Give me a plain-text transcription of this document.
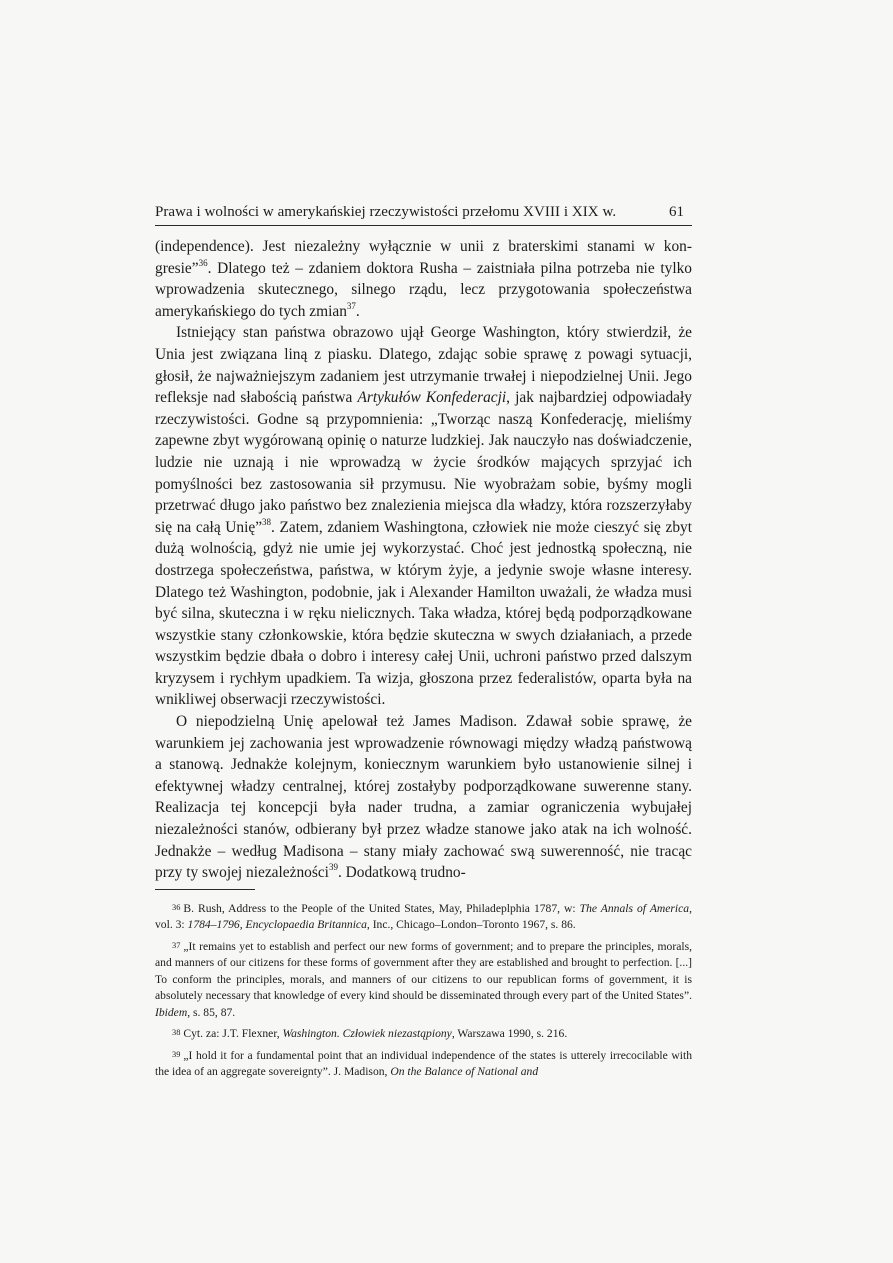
Prawa i wolności w amerykańskiej rzeczywistości przełomu XVIII i XIX w.	61

(independence). Jest niezależny wyłącznie w unii z braterskimi stanami w kongresie”$^{36}$. Dlatego też – zdaniem doktora Rusha – zaistniała pilna potrzeba nie tylko wprowadzenia skutecznego, silnego rządu, lecz przygotowania społeczeństwa amerykańskiego do tych zmian$^{37}$.

Istniejący stan państwa obrazowo ujął George Washington, który stwierdził, że Unia jest związana liną z piasku. Dlatego, zdając sobie sprawę z powagi sytuacji, głosił, że najważniejszym zadaniem jest utrzymanie trwałej i niepodzielnej Unii. Jego refleksje nad słabością państwa Artykułów Konfederacji, jak najbardziej odpowiadały rzeczywistości. Godne są przypomnienia: „Tworząc naszą Konfederację, mieliśmy zapewne zbyt wygórowaną opinię o naturze ludzkiej. Jak nauczyło nas doświadczenie, ludzie nie uznają i nie wprowadzą w życie środków mających sprzyjać ich pomyślności bez zastosowania sił przymusu. Nie wyobrażam sobie, byśmy mogli przetrwać długo jako państwo bez znalezienia miejsca dla władzy, która rozszerzyłaby się na całą Unię”$^{38}$. Zatem, zdaniem Washingtona, człowiek nie może cieszyć się zbyt dużą wolnością, gdyż nie umie jej wykorzystać. Choć jest jednostką społeczną, nie dostrzega społeczeństwa, państwa, w którym żyje, a jedynie swoje własne interesy. Dlatego też Washington, podobnie, jak i Alexander Hamilton uważali, że władza musi być silna, skuteczna i w ręku nielicznych. Taka władza, której będą podporządkowane wszystkie stany członkowskie, która będzie skuteczna w swych działaniach, a przede wszystkim będzie dbała o dobro i interesy całej Unii, uchroni państwo przed dalszym kryzysem i rychłym upadkiem. Ta wizja, głoszona przez federalistów, oparta była na wnikliwej obserwacji rzeczywistości.

O niepodzielną Unię apelował też James Madison. Zdawał sobie sprawę, że warunkiem jej zachowania jest wprowadzenie równowagi między władzą państwową a stanową. Jednakże kolejnym, koniecznym warunkiem było ustanowienie silnej i efektywnej władzy centralnej, której zostałyby podporządkowane suwerenne stany. Realizacja tej koncepcji była nader trudna, a zamiar ograniczenia wybujałej niezależności stanów, odbierany był przez władze stanowe jako atak na ich wolność. Jednakże – według Madisona – stany miały zachować swą suwerenność, nie tracąc przy ty swojej niezależności$^{39}$. Dodatkową trudno-

$^{36}$ B. Rush, Address to the People of the United States, May, Philadeplphia 1787, w: The Annals of America, vol. 3: 1784–1796, Encyclopaedia Britannica, Inc., Chicago–London–Toronto 1967, s. 86.

$^{37}$ „It remains yet to establish and perfect our new forms of government; and to prepare the principles, morals, and manners of our citizens for these forms of government after they are established and brought to perfection. [...] To conform the principles, morals, and manners of our citizens to our republican forms of government, it is absolutely necessary that knowledge of every kind should be disseminated through every part of the United States”. Ibidem, s. 85, 87.

$^{38}$ Cyt. za: J.T. Flexner, Washington. Człowiek niezastąpiony, Warszawa 1990, s. 216.

$^{39}$ „I hold it for a fundamental point that an individual independence of the states is utterely irrecocilable with the idea of an aggregate sovereignty”. J. Madison, On the Balance of National and
